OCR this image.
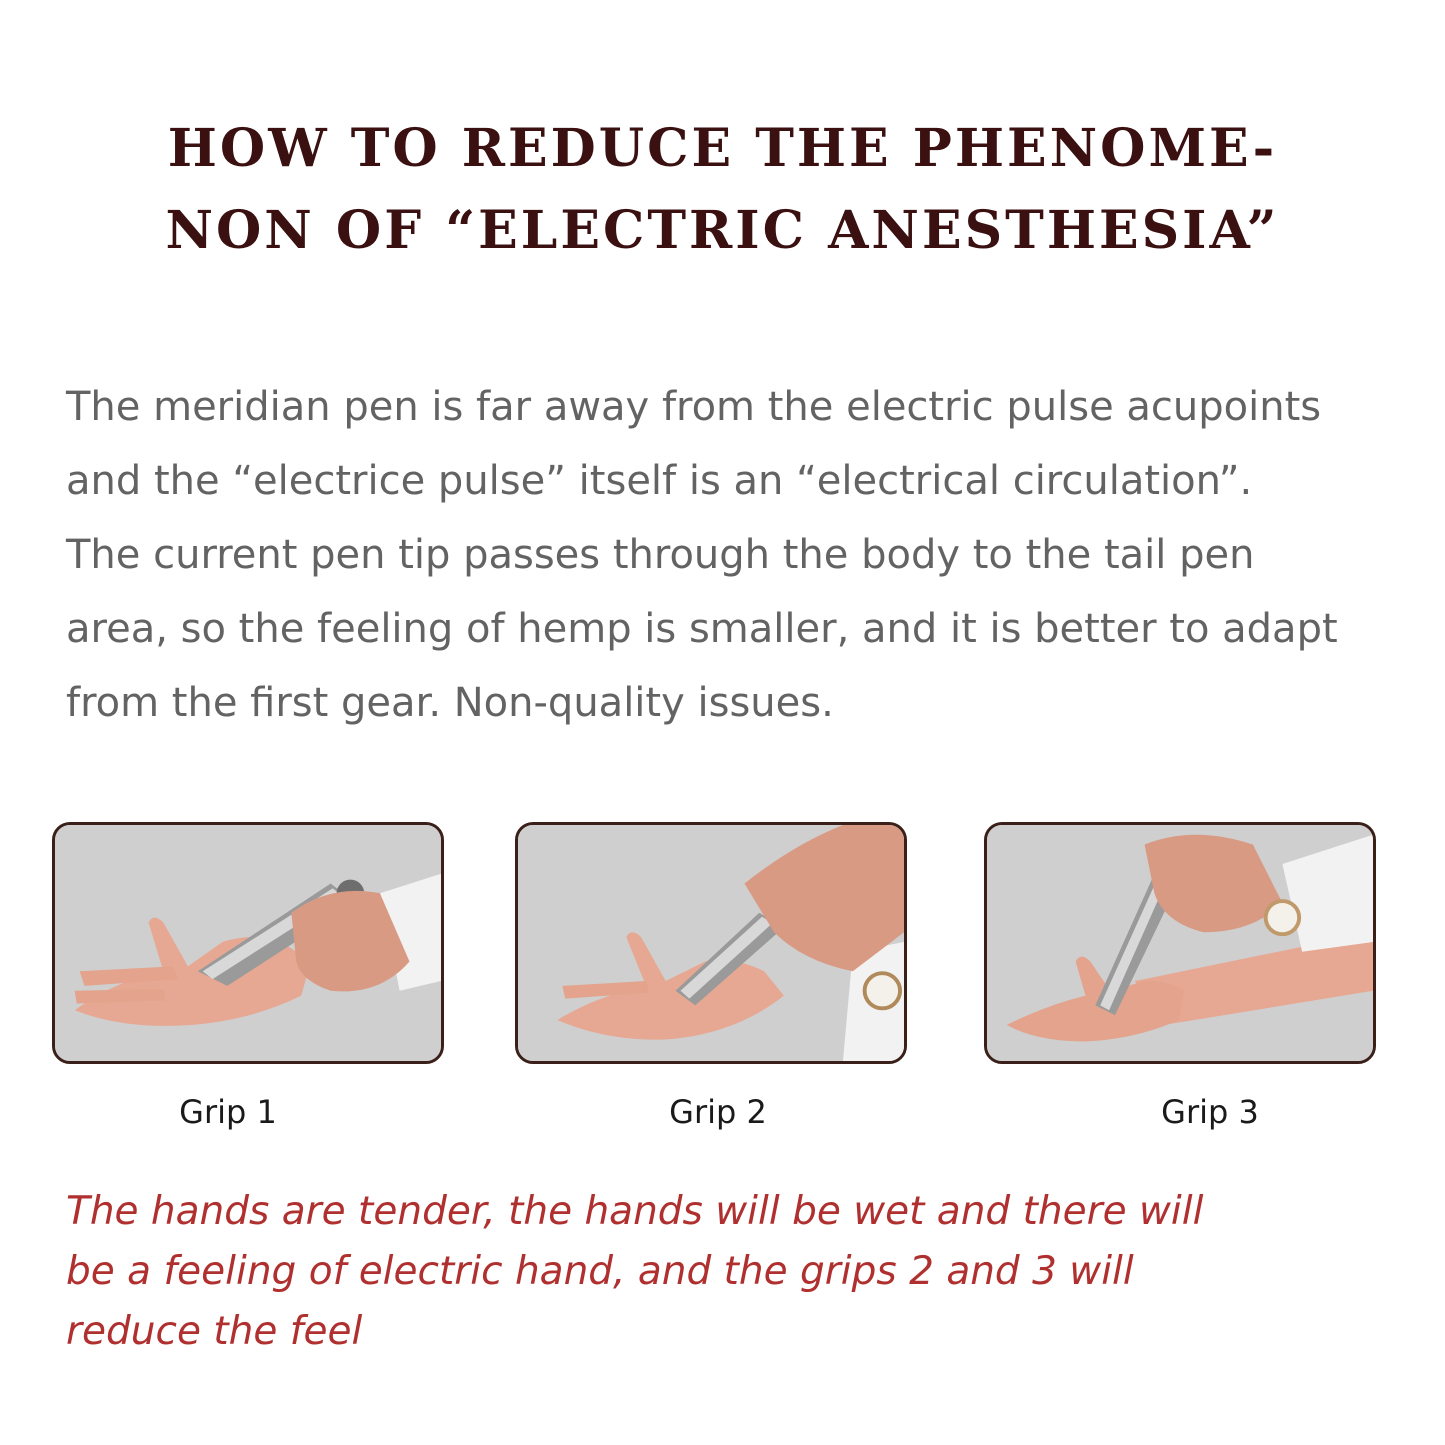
HOW TO REDUCE THE PHENOME-
NON OF “ELECTRIC ANESTHESIA”

The meridian pen is far away from the electric pulse acupoints
and the “electrice pulse” itself is an “electrical circulation”.
The current pen tip passes through the body to the tail pen
area, so the feeling of hemp is smaller, and it is better to adapt
from the first gear. Non-quality issues.

Grip 1	Grip 2	Grip 3

The hands are tender, the hands will be wet and there will
be a feeling of electric hand, and the grips 2 and 3 will
reduce the feel
